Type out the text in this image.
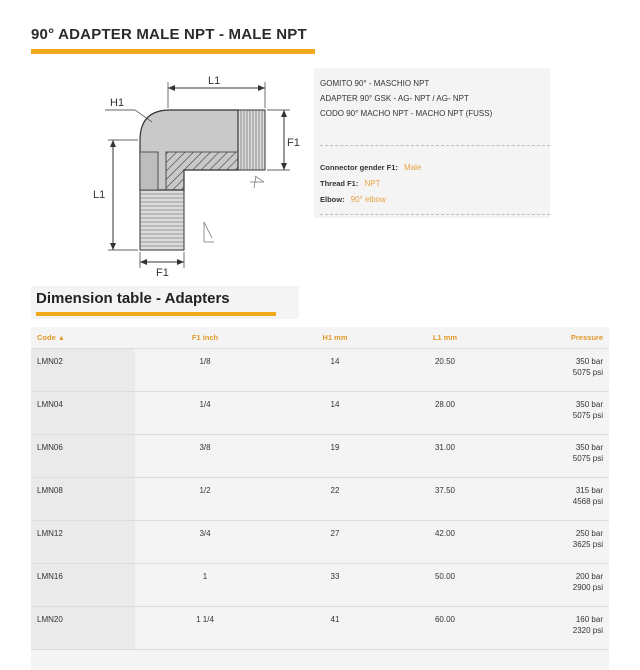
90° ADAPTER MALE NPT - MALE NPT
L1
F1
L1
H1
F1
GOMITO 90° - MASCHIO NPT
ADAPTER 90° GSK - AG- NPT / AG- NPT
CODO 90° MACHO NPT - MACHO NPT (FUSS)
Connector gender F1: Male
Thread F1: NPT
Elbow: 90° elbow
Dimension table - Adapters
Code ▲	F1 inch	H1 mm	L1 mm	Pressure
LMN02	1/8	14	20.50	350 bar
5075 psi

LMN04	1/4	14	28.00	350 bar
5075 psi

LMN06	3/8	19	31.00	350 bar
5075 psi

LMN08	1/2	22	37.50	315 bar
4568 psi

LMN12	3/4	27	42.00	250 bar
3625 psi

LMN16	1	33	50.00	200 bar
2900 psi

LMN20	1 1/4	41	60.00	160 bar
2320 psi
